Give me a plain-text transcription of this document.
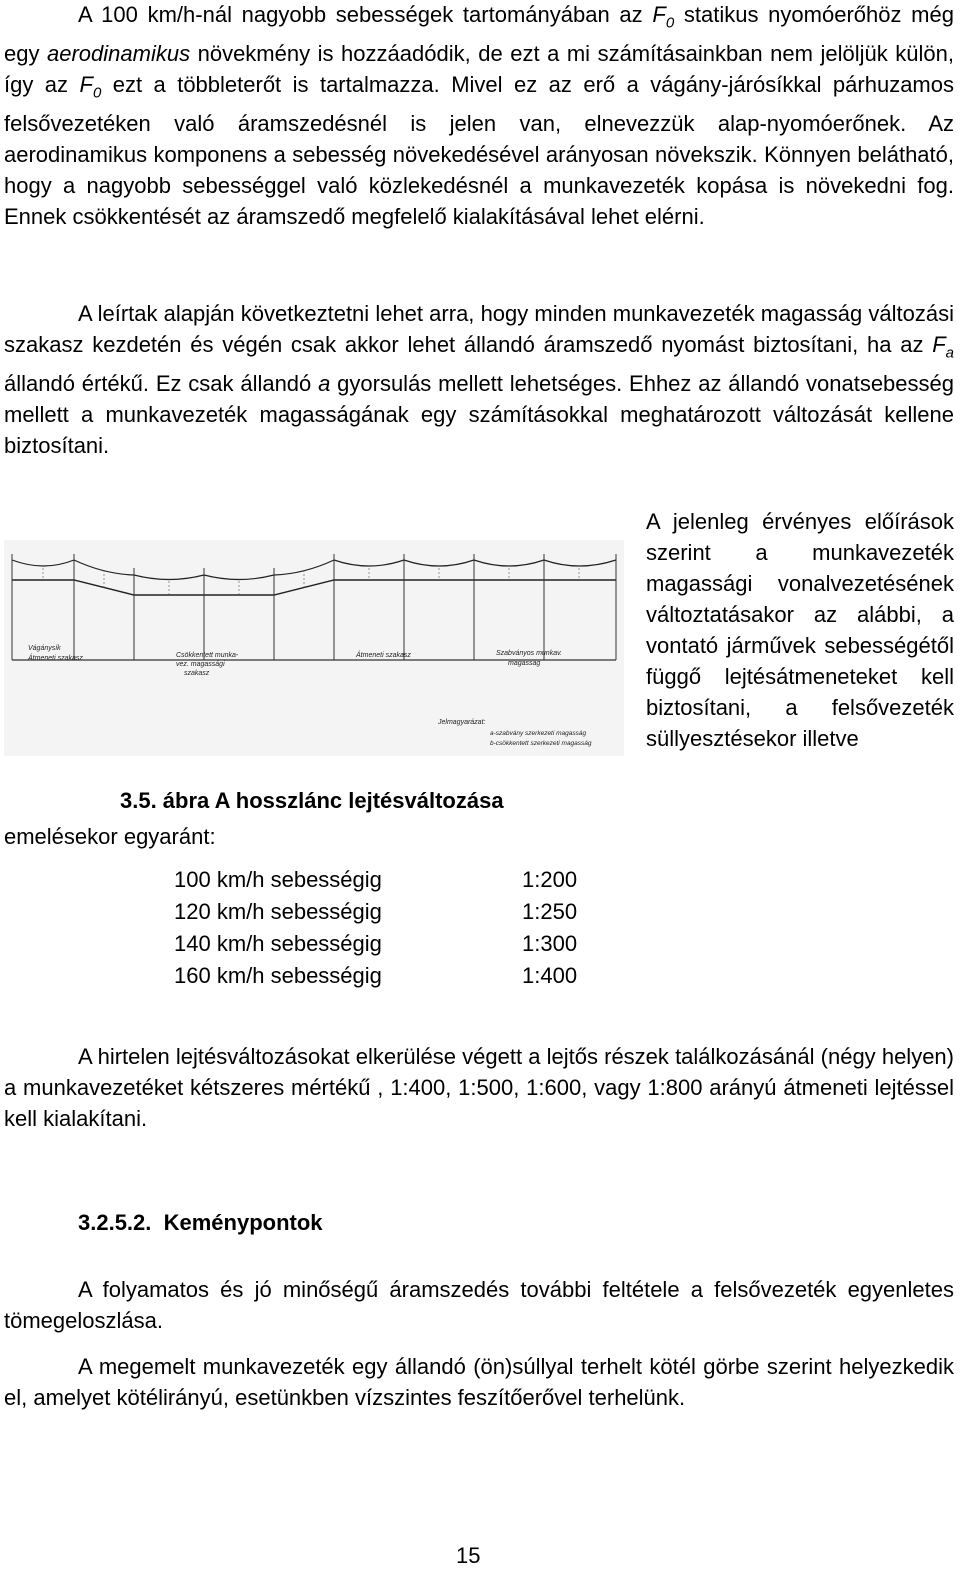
A 100 km/h-nál nagyobb sebességek tartományában az $F_0$ statikus nyomóerőhöz még egy aerodinamikus növekmény is hozzáadódik, de ezt a mi számításainkban nem jelöljük külön, így az $F_0$ ezt a többleterőt is tartalmazza. Mivel ez az erő a vágány-járósíkkal párhuzamos felsővezetéken való áramszedésnél is jelen van, elnevezzük alap-nyomóerőnek. Az aerodinamikus komponens a sebesség növekedésével arányosan növekszik. Könnyen belátható, hogy a nagyobb sebességgel való közlekedésnél a munkavezeték kopása is növekedni fog. Ennek csökkentését az áramszedő megfelelő kialakításával lehet elérni.

A leírtak alapján következtetni lehet arra, hogy minden munkavezeték magasság változási szakasz kezdetén és végén csak akkor lehet állandó áramszedő nyomást biztosítani, ha az $F_a$ állandó értékű. Ez csak állandó a gyorsulás mellett lehetséges. Ehhez az állandó vonatsebesség mellett a munkavezeték magasságának egy számításokkal meghatározott változását kellene biztosítani.

Vágánysík
Átmeneti szakasz	Csökkentett munka-
vez. magassági
szakasz
Átmeneti szakasz	Szabványos munkav.
magasság
Jelmagyarázat:
a-szabvány szerkezeti magasság
b-csökkentett szerkezeti magasság
3.5. ábra A hosszlánc lejtésváltozása

A jelenleg érvényes előírások szerint a munkavezeték magassági vonalvezetésének változtatásakor az alábbi, a vontató járművek sebességétől függő lejtésátmeneteket kell biztosítani, a felsővezeték süllyesztésekor illetve

emelésekor egyaránt:
100 km/h sebességig	1:200
120 km/h sebességig	1:250
140 km/h sebességig	1:300
160 km/h sebességig	1:400

A hirtelen lejtésváltozásokat elkerülése végett a lejtős részek találkozásánál (négy helyen) a munkavezetéket kétszeres mértékű , 1:400, 1:500, 1:600, vagy 1:800 arányú átmeneti lejtéssel kell kialakítani.

3.2.5.2. Keménypontok

A folyamatos és jó minőségű áramszedés további feltétele a felsővezeték egyenletes tömegeloszlása.

A megemelt munkavezeték egy állandó (ön)súllyal terhelt kötél görbe szerint helyezkedik el, amelyet kötélirányú, esetünkben vízszintes feszítőerővel terhelünk.

15
